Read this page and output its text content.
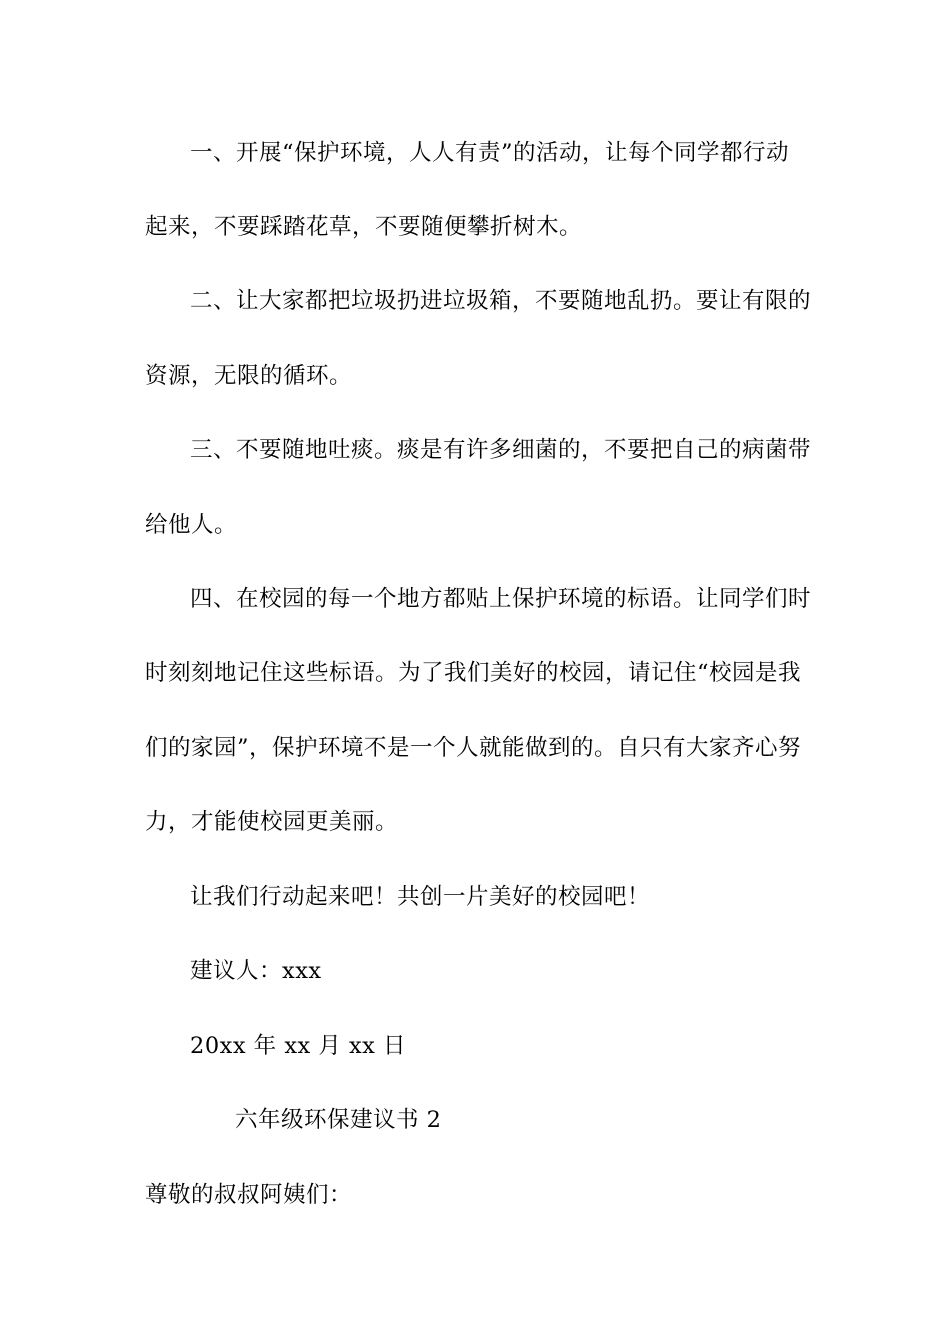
一、开展“保护环境，人人有责”的活动，让每个同学都行动
起来，不要踩踏花草，不要随便攀折树木。
二、让大家都把垃圾扔进垃圾箱，不要随地乱扔。要让有限的
资源，无限的循环。
三、不要随地吐痰。痰是有许多细菌的，不要把自己的病菌带
给他人。
四、在校园的每一个地方都贴上保护环境的标语。让同学们时
时刻刻地记住这些标语。为了我们美好的校园，请记住“校园是我
们的家园”，保护环境不是一个人就能做到的。自只有大家齐心努
力，才能使校园更美丽。
让我们行动起来吧！共创一片美好的校园吧！
建议人：xxx
20xx 年 xx 月 xx 日
六年级环保建议书 2
尊敬的叔叔阿姨们：
